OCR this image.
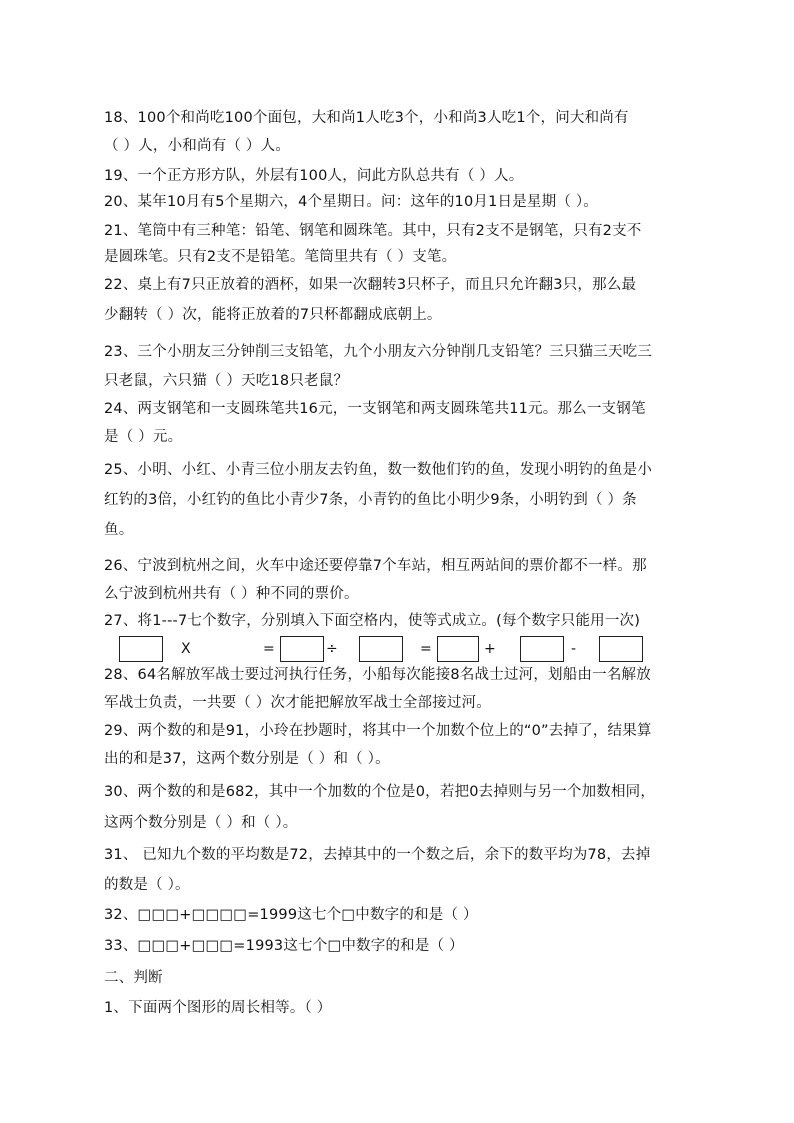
18、100个和尚吃100个面包，大和尚1人吃3个，小和尚3人吃1个，问大和尚有
（ ）人，小和尚有（ ）人。
19、一个正方形方队，外层有100人，问此方队总共有（ ）人。
20、某年10月有5个星期六，4个星期日。问：这年的10月1日是星期（ ）。
21、笔筒中有三种笔：铅笔、钢笔和圆珠笔。其中，只有2支不是钢笔，只有2支不
是圆珠笔。只有2支不是铅笔。笔筒里共有（ ）支笔。
22、桌上有7只正放着的酒杯，如果一次翻转3只杯子，而且只允许翻3只，那么最
少翻转（ ）次，能将正放着的7只杯都翻成底朝上。
23、三个小朋友三分钟削三支铅笔，九个小朋友六分钟削几支铅笔？三只猫三天吃三
只老鼠，六只猫（ ）天吃18只老鼠？
24、两支钢笔和一支圆珠笔共16元，一支钢笔和两支圆珠笔共11元。那么一支钢笔
是（ ）元。
25、小明、小红、小青三位小朋友去钓鱼，数一数他们钓的鱼，发现小明钓的鱼是小
红钓的3倍，小红钓的鱼比小青少7条，小青钓的鱼比小明少9条，小明钓到（ ）条
鱼。
26、宁波到杭州之间，火车中途还要停靠7个车站，相互两站间的票价都不一样。那
么宁波到杭州共有（ ）种不同的票价。
27、将1---7七个数字，分别填入下面空格内，使等式成立。(每个数字只能用一次)
X	=	÷	=	+	-
28、64名解放军战士要过河执行任务，小船每次能接8名战士过河，划船由一名解放
军战士负责，一共要（ ）次才能把解放军战士全部接过河。
29、两个数的和是91，小玲在抄题时，将其中一个加数个位上的“0”去掉了，结果算
出的和是37，这两个数分别是（ ）和（ ）。
30、两个数的和是682，其中一个加数的个位是0，若把0去掉则与另一个加数相同，
这两个数分别是（ ）和（ ）。
31、 已知九个数的平均数是72，去掉其中的一个数之后，余下的数平均为78，去掉
的数是（ ）。
32、□□□+□□□□=1999这七个□中数字的和是（ ）
33、□□□+□□□=1993这七个□中数字的和是（ ）
二、判断
1、下面两个图形的周长相等。（ ）
